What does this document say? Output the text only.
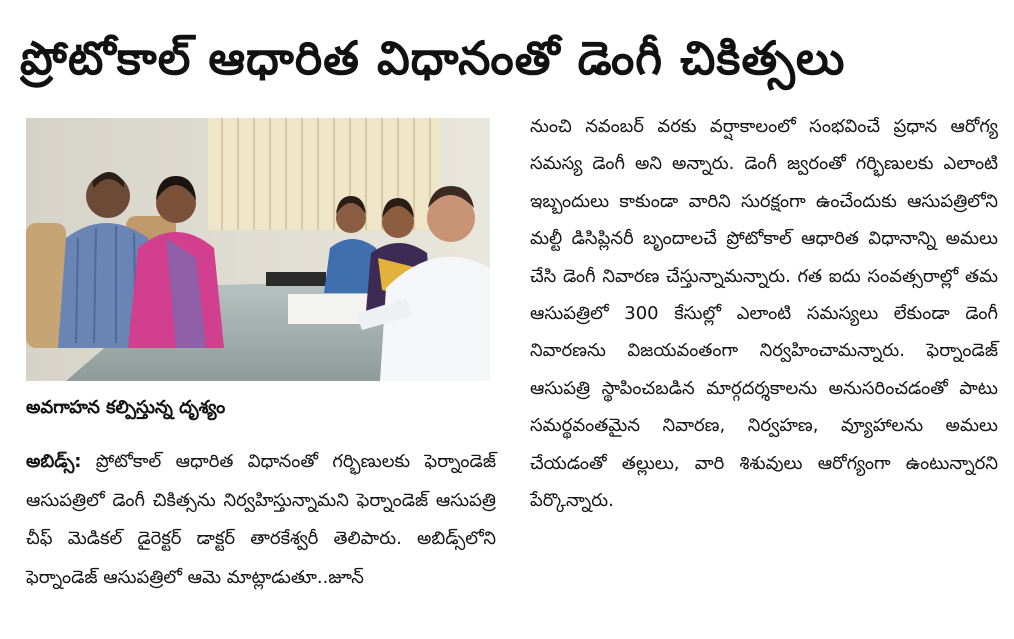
ప్రోటోకాల్ ఆధారిత విధానంతో డెంగీ చికిత్సలు

అవగాహన కల్పిస్తున్న దృశ్యం

అబిడ్స్: ప్రోటోకాల్ ఆధారిత విధానంతో గర్భిణులకు ఫెర్నాండెజ్ ఆసుపత్రిలో డెంగీ చికిత్సను నిర్వహిస్తున్నామని ఫెర్నాండెజ్ ఆసుపత్రి చీఫ్ మెడికల్ డైరెక్టర్ డాక్టర్ తారకేశ్వరీ తెలిపారు. అబిడ్స్‌లోని ఫెర్నాండెజ్ ఆసుపత్రిలో ఆమె మాట్లాడుతూ..జూన్

నుంచి నవంబర్ వరకు వర్షాకాలంలో సంభవించే ప్రధాన ఆరోగ్య సమస్య డెంగీ అని అన్నారు. డెంగీ జ్వరంతో గర్భిణులకు ఎలాంటి ఇబ్బందులు కాకుండా వారిని సురక్షంగా ఉంచేందుకు ఆసుపత్రిలోని మల్టీ డిసిప్లినరీ బృందాలచే ప్రోటోకాల్ ఆధారిత విధానాన్ని అమలు చేసి డెంగీ నివారణ చేస్తున్నామన్నారు. గత ఐదు సంవత్సరాల్లో తమ ఆసుపత్రిలో 300 కేసుల్లో ఎలాంటి సమస్యలు లేకుండా డెంగీ నివారణను విజయవంతంగా నిర్వహించామన్నారు. ఫెర్నాండెజ్ ఆసుపత్రి స్థాపించబడిన మార్గదర్శకాలను అనుసరించడంతో పాటు సమర్థవంతమైన నివారణ, నిర్వహణ, వ్యూహాలను అమలు చేయడంతో తల్లులు, వారి శిశువులు ఆరోగ్యంగా ఉంటున్నారని పేర్కొన్నారు.
